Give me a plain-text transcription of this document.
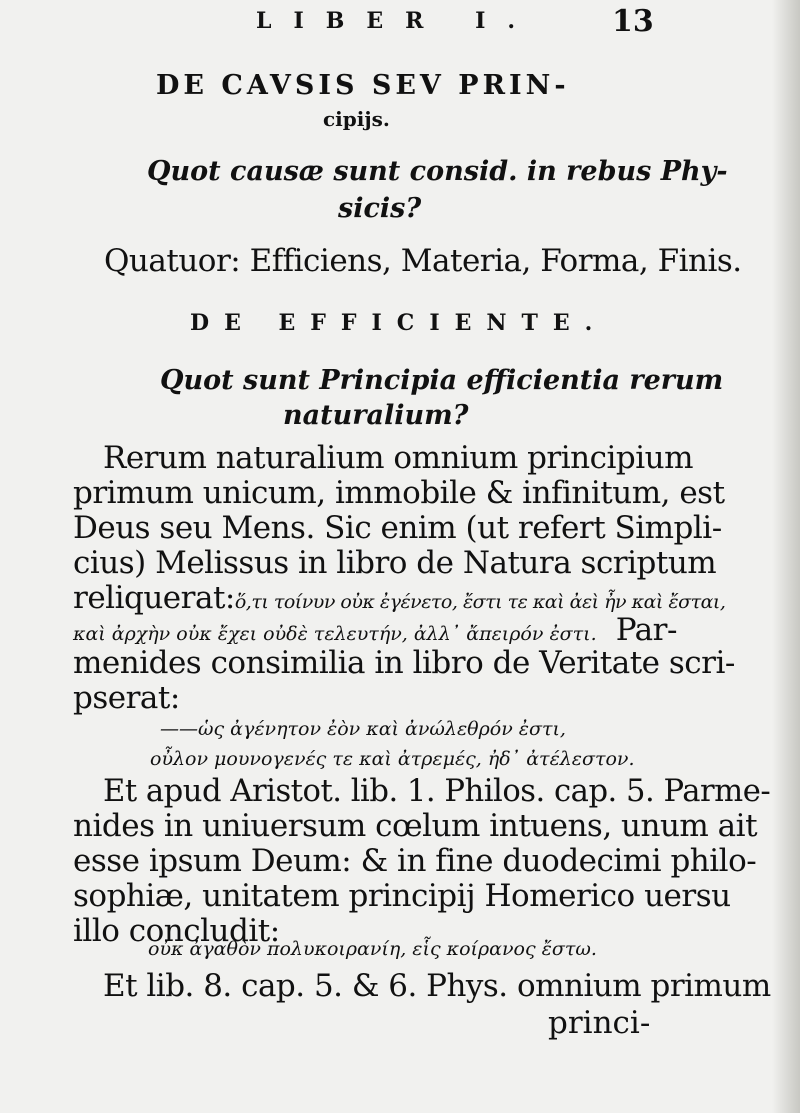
LIBER I. 13
DE CAVSIS SEV PRIN-
cipijs.
Quot causæ sunt consid. in rebus Phy-
sicis?
Quatuor: Efficiens, Materia, Forma, Finis.
DE EFFICIENTE.
Quot sunt Principia efficientia rerum
naturalium?
Rerum naturalium omnium principium
primum unicum, immobile & infinitum, est
Deus seu Mens. Sic enim (ut refert Simpli-
cius) Melissus in libro de Natura scriptum
reliquerat:ὅ,τι τοίνυν οὐκ ἐγένετο, ἔστι τε καὶ ἀεὶ ἦν καὶ ἔσται,
καὶ ἀρχὴν οὐκ ἔχει οὐδὲ τελευτήν, ἀλλ᾽ ἄπειρόν ἐστι. Par-
menides consimilia in libro de Veritate scri-
pserat:
——ὡς ἀγένητον ἐὸν καὶ ἀνώλεθρόν ἐστι,
οὖλον μουνογενές τε καὶ ἀτρεμές, ἠδ᾽ ἀτέλεστον.
Et apud Aristot. lib. 1. Philos. cap. 5. Parme-
nides in uniuersum cœlum intuens, unum ait
esse ipsum Deum: & in fine duodecimi philo-
sophiæ, unitatem principij Homerico uersu
illo concludit:
οὐκ ἀγαθὸν πολυκοιρανίη, εἷς κοίρανος ἔστω.
Et lib. 8. cap. 5. & 6. Phys. omnium primum
princi-
